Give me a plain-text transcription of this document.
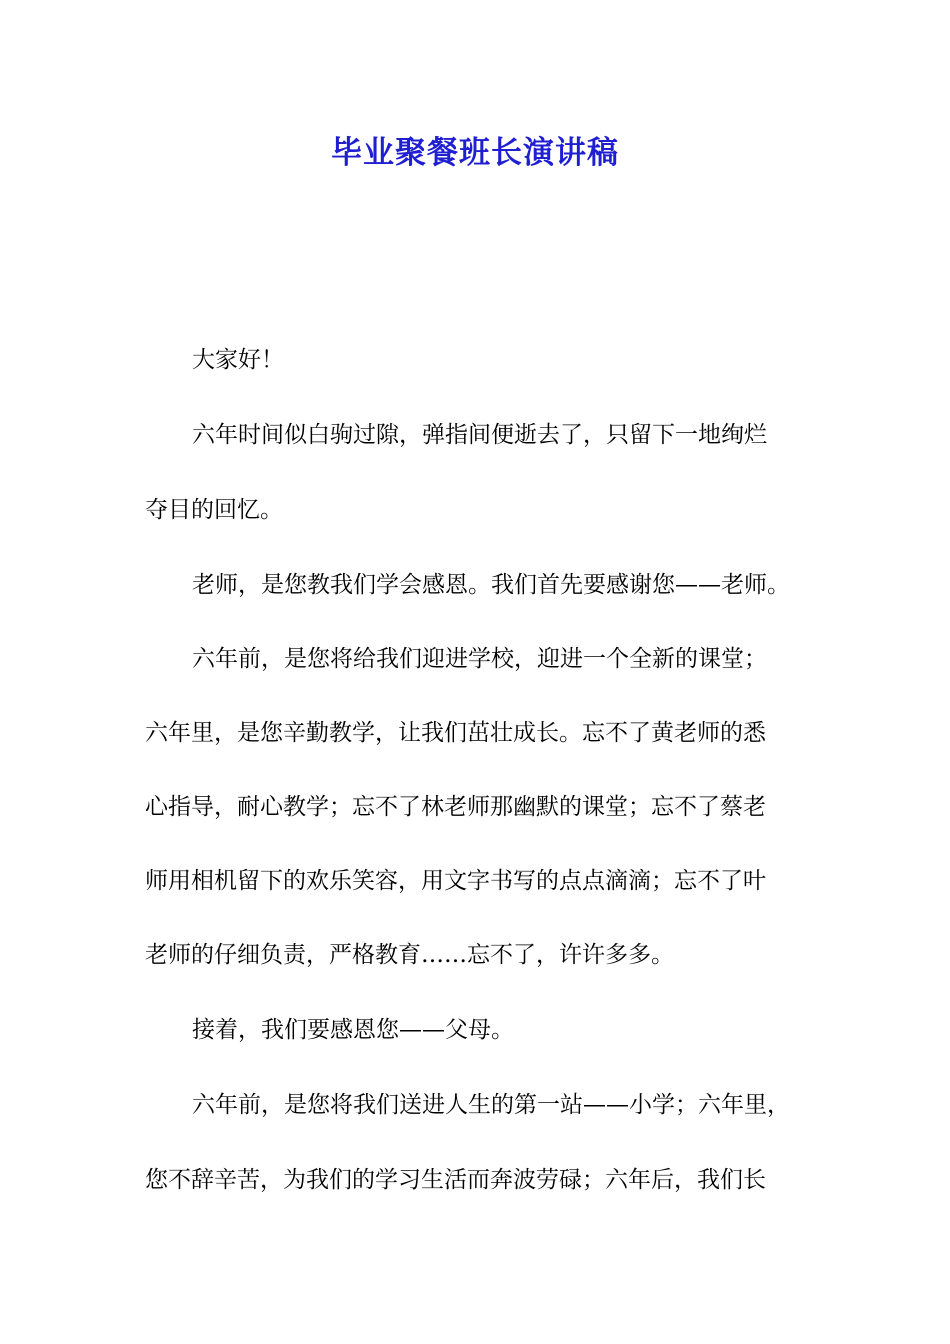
毕业聚餐班长演讲稿

大家好！

六年时间似白驹过隙，弹指间便逝去了，只留下一地绚烂

夺目的回忆。

老师，是您教我们学会感恩。我们首先要感谢您——老师。

六年前，是您将给我们迎进学校，迎进一个全新的课堂；

六年里，是您辛勤教学，让我们茁壮成长。忘不了黄老师的悉

心指导，耐心教学；忘不了林老师那幽默的课堂；忘不了蔡老

师用相机留下的欢乐笑容，用文字书写的点点滴滴；忘不了叶

老师的仔细负责，严格教育……忘不了，许许多多。

接着，我们要感恩您——父母。

六年前，是您将我们送进人生的第一站——小学；六年里，

您不辞辛苦，为我们的学习生活而奔波劳碌；六年后，我们长
